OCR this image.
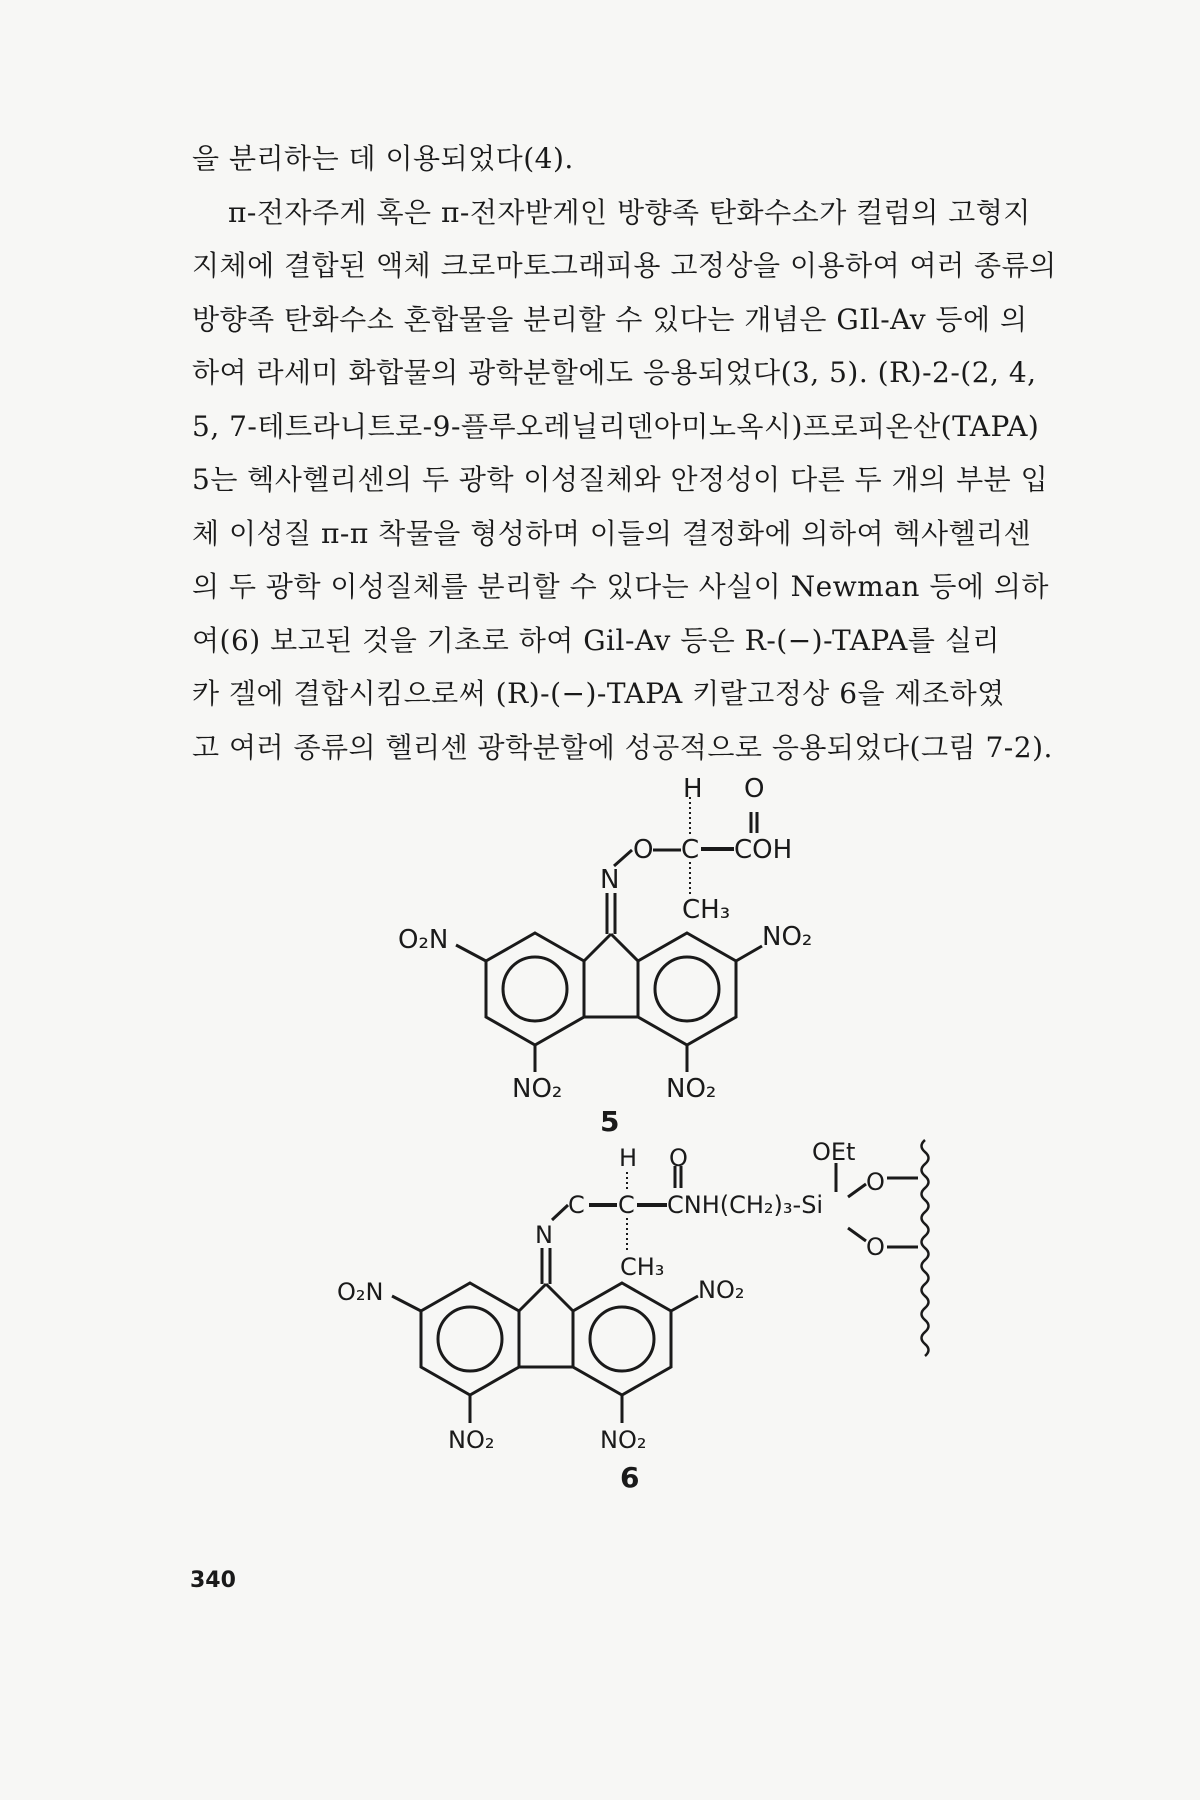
을 분리하는 데 이용되었다(4).
π-전자주게 혹은 π-전자받게인 방향족 탄화수소가 컬럼의 고형지
지체에 결합된 액체 크로마토그래피용 고정상을 이용하여 여러 종류의
방향족 탄화수소 혼합물을 분리할 수 있다는 개념은 GIl-Av 등에 의
하여 라세미 화합물의 광학분할에도 응용되었다(3, 5). (R)-2-(2, 4,
5, 7-테트라니트로-9-플루오레닐리덴아미노옥시)프로피온산(TAPA)
5는 헥사헬리센의 두 광학 이성질체와 안정성이 다른 두 개의 부분 입
체 이성질 π-π 착물을 형성하며 이들의 결정화에 의하여 헥사헬리센
의 두 광학 이성질체를 분리할 수 있다는 사실이 Newman 등에 의하
여(6) 보고된 것을 기초로 하여 Gil-Av 등은 R-(−)-TAPA를 실리
카 겔에 결합시킴으로써 (R)-(−)-TAPA 키랄고정상 6을 제조하였
고 여러 종류의 헬리센 광학분할에 성공적으로 응용되었다(그림 7-2).
H O
O C COH
CH₃
N
O₂N	NO₂
NO₂	NO₂
5
H O	OEt
C C CNH(CH₂)₃-Si
O
O
CH₃
N
O₂N	NO₂
NO₂	NO₂
6
340
